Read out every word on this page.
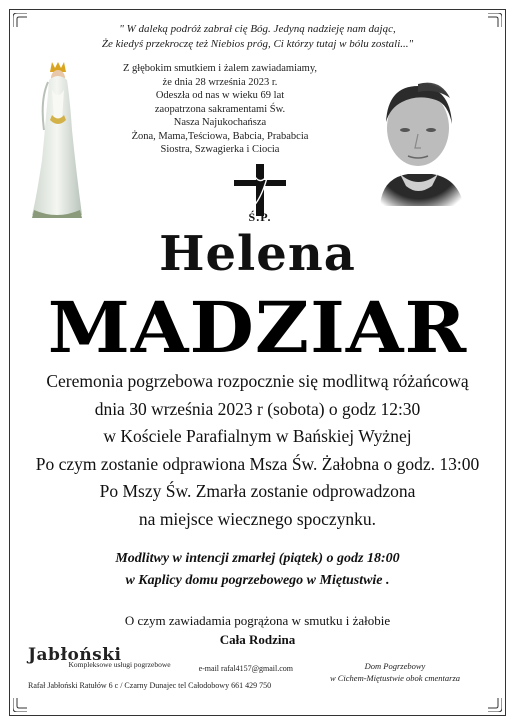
" W daleką podróż zabrał cię Bóg. Jedyną nadzieję nam dając,
Że kiedyś przekroczę też Niebios próg, Ci którzy tutaj w bólu zostali..."
Z głębokim smutkiem i żalem zawiadamiamy,
że dnia 28 września 2023 r.
Odeszła od nas w wieku 69 lat
zaopatrzona sakramentami Św.
Nasza Najukochańsza
Żona, Mama,Teściowa, Babcia, Prababcia
Siostra, Szwagierka i Ciocia
Ś.P.
Helena
MADZIAR
Ceremonia pogrzebowa rozpocznie się modlitwą różańcową
dnia 30 września 2023 r (sobota) o godz 12:30
w Kościele Parafialnym w Bańskiej Wyżnej
Po czym zostanie odprawiona Msza Św. Żałobna o godz. 13:00
Po Mszy Św. Zmarła zostanie odprowadzona
na miejsce wiecznego spoczynku.
Modlitwy w intencji zmarłej (piątek) o godz 18:00
w Kaplicy domu pogrzebowego w Miętustwie .
O czym zawiadamia pogrążona w smutku i żałobie
Cała Rodzina
Jabłoński Kompleksowe usługi pogrzebowe	e-mail rafal4157@gmail.com
Rafał Jabłoński Ratułów 6 c / Czarny Dunajec tel Całodobowy 661 429 750
Dom Pogrzebowy
w Cichem-Miętustwie obok cmentarza
